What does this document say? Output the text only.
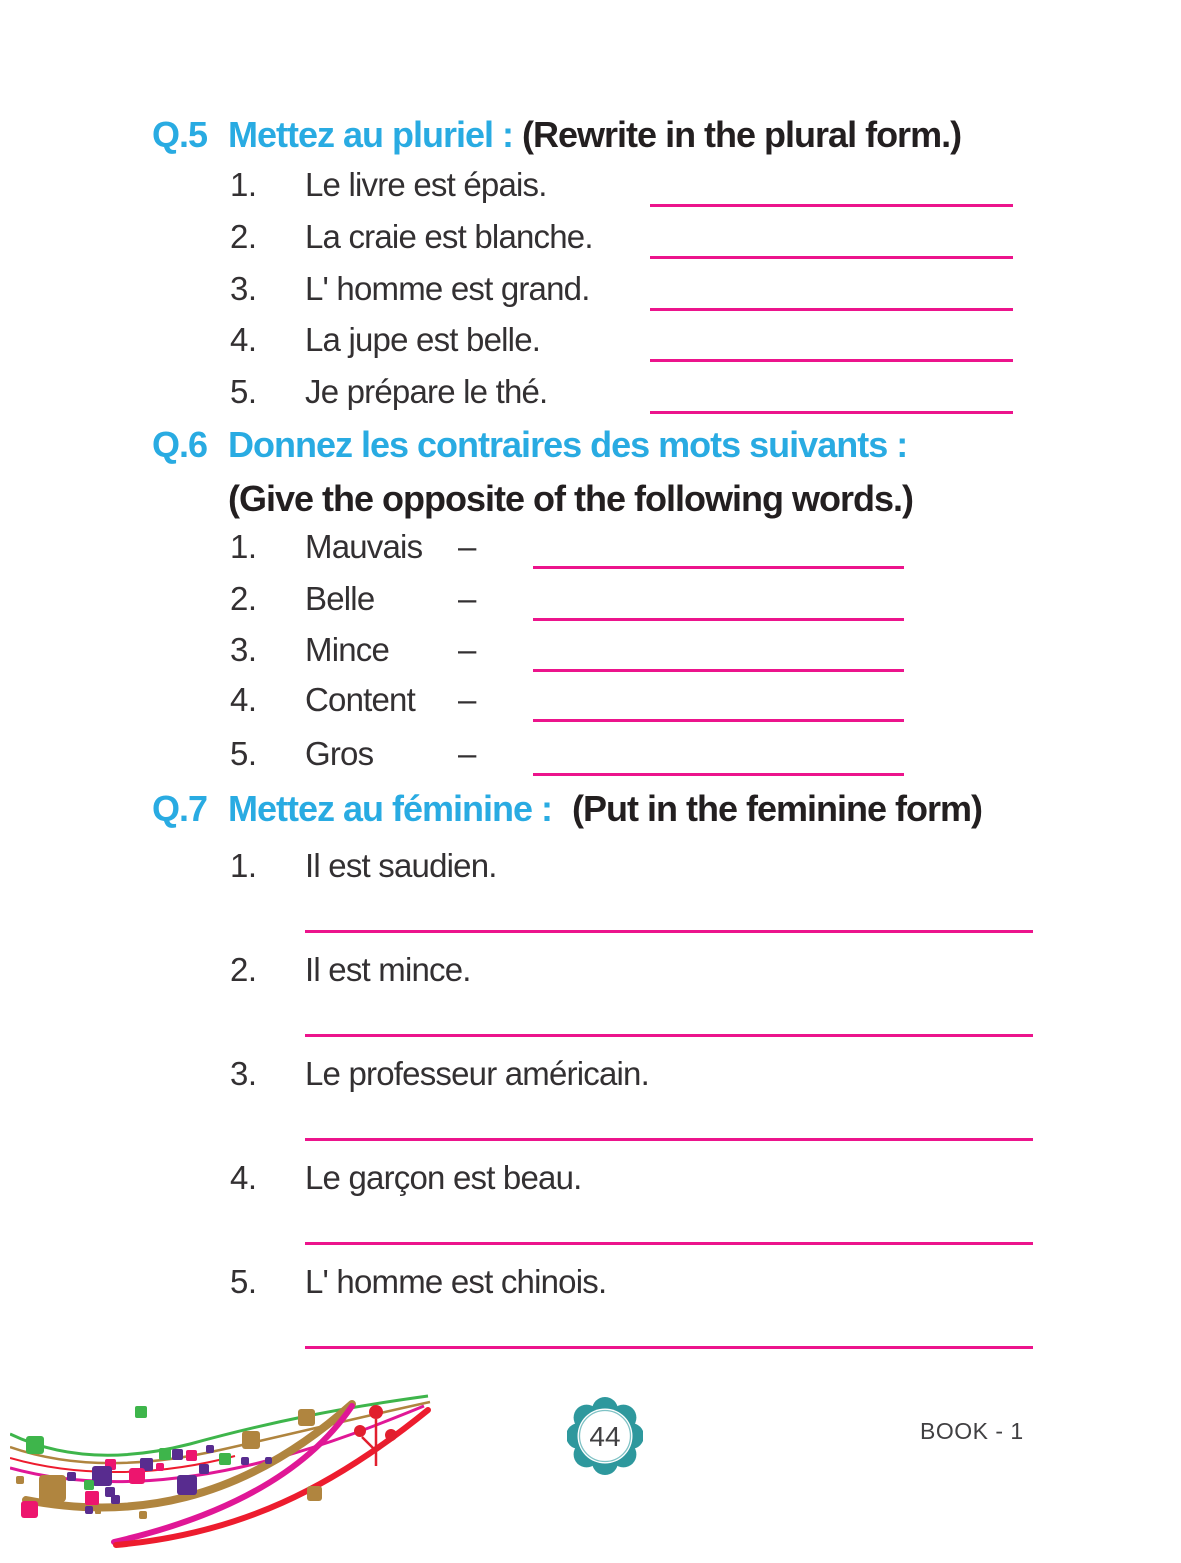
Q.5 Mettez au pluriel : (Rewrite in the plural form.)
1. Le livre est épais.
2. La craie est blanche.
3. L' homme est grand.
4. La jupe est belle.
5. Je prépare le thé.
Q.6 Donnez les contraires des mots suivants :
(Give the opposite of the following words.)
1. Mauvais –
2. Belle	–
3. Mince –
4. Content –
5. Gros	–
Q.7 Mettez au féminine : (Put in the feminine form)
1. Il est saudien.
2. Il est mince.
3. Le professeur américain.
4. Le garçon est beau.
5. L' homme est chinois.
44	BOOK - 1
